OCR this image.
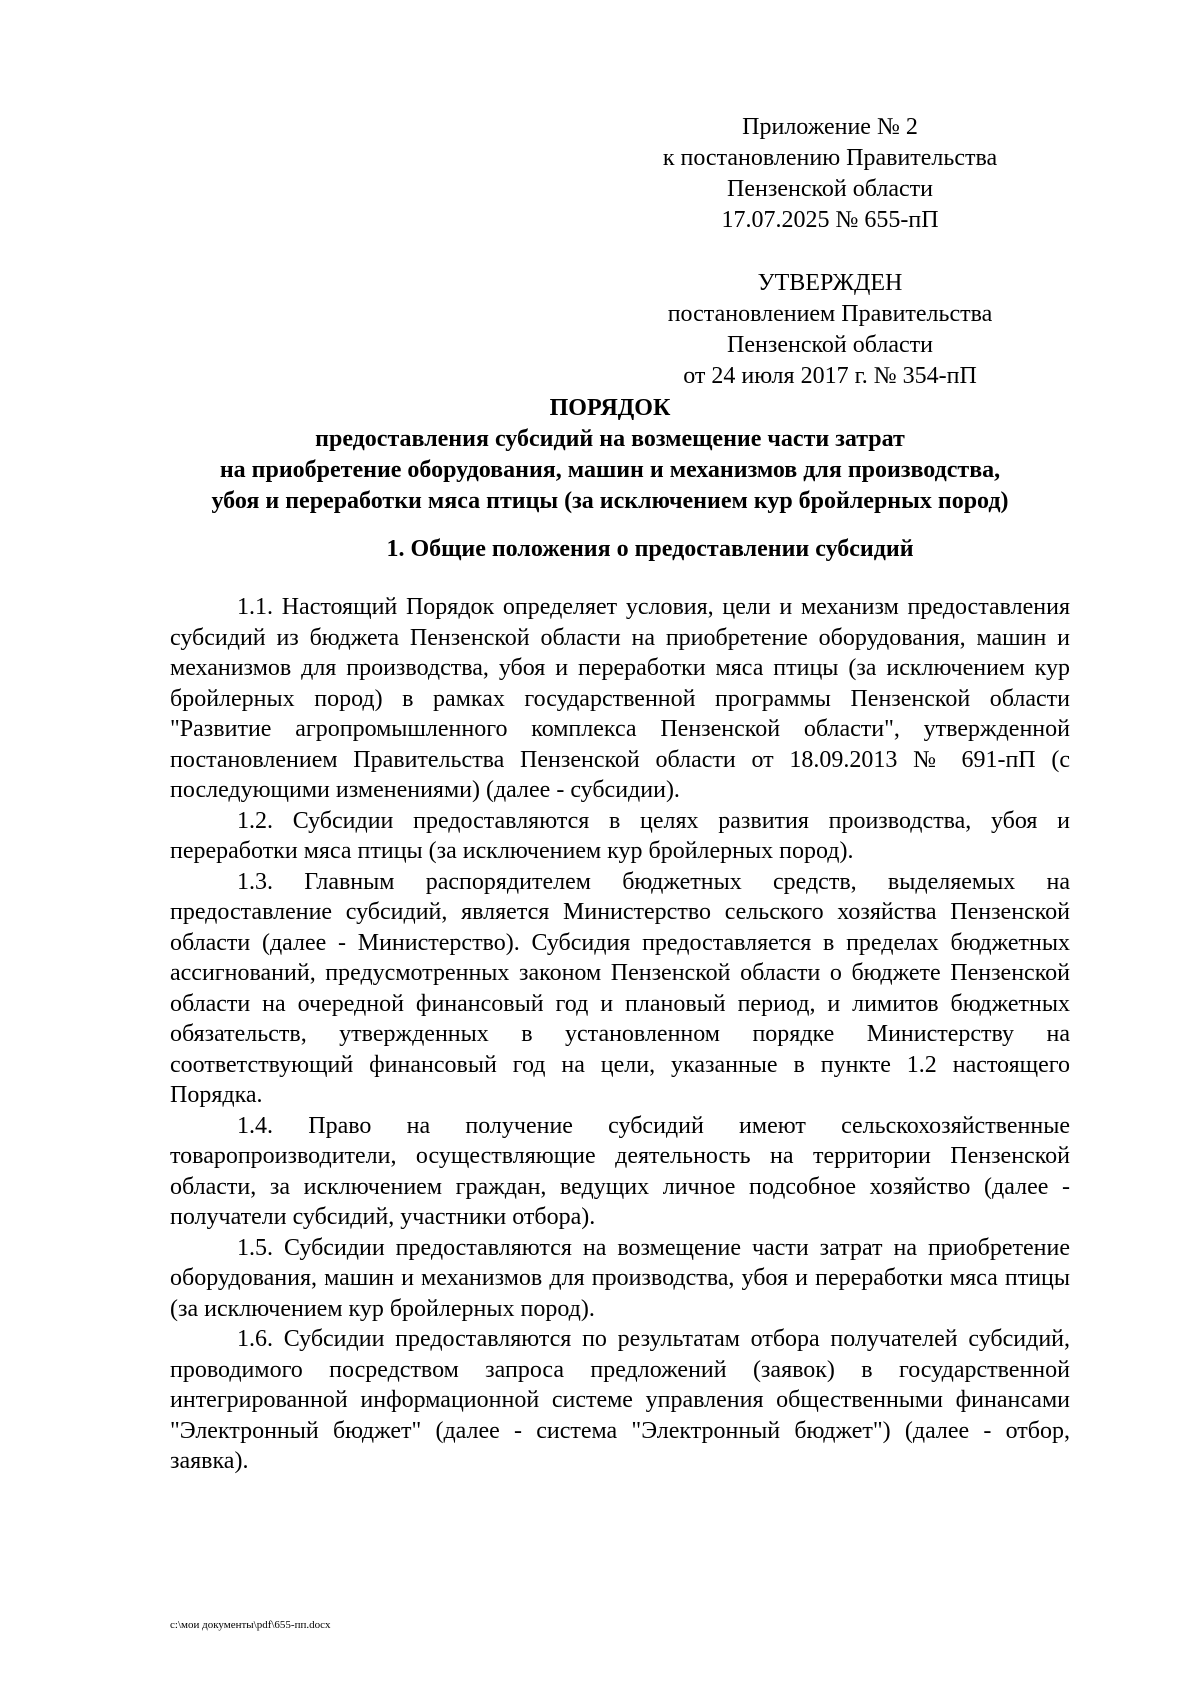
Приложение № 2
к постановлению Правительства
Пензенской области
17.07.2025 № 655-пП
УТВЕРЖДЕН
постановлением Правительства
Пензенской области
от 24 июля 2017 г. № 354-пП
ПОРЯДОК
предоставления субсидий на возмещение части затрат
на приобретение оборудования, машин и механизмов для производства,
убоя и переработки мяса птицы (за исключением кур бройлерных пород)
1. Общие положения о предоставлении субсидий

1.1. Настоящий Порядок определяет условия, цели и механизм предоставления субсидий из бюджета Пензенской области на приобретение оборудования, машин и механизмов для производства, убоя и переработки мяса птицы (за исключением кур бройлерных пород) в рамках государственной программы Пензенской области "Развитие агропромышленного комплекса Пензенской области", утвержденной постановлением Правительства Пензенской области от 18.09.2013 № 691-пП (с последующими изменениями) (далее - субсидии).

1.2. Субсидии предоставляются в целях развития производства, убоя и переработки мяса птицы (за исключением кур бройлерных пород).

1.3. Главным распорядителем бюджетных средств, выделяемых на предоставление субсидий, является Министерство сельского хозяйства Пензенской области (далее - Министерство). Субсидия предоставляется в пределах бюджетных ассигнований, предусмотренных законом Пензенской области о бюджете Пензенской области на очередной финансовый год и плановый период, и лимитов бюджетных обязательств, утвержденных в установленном порядке Министерству на соответствующий финансовый год на цели, указанные в пункте 1.2 настоящего Порядка.

1.4. Право на получение субсидий имеют сельскохозяйственные товаропроизводители, осуществляющие деятельность на территории Пензенской области, за исключением граждан, ведущих личное подсобное хозяйство (далее - получатели субсидий, участники отбора).

1.5. Субсидии предоставляются на возмещение части затрат на приобретение оборудования, машин и механизмов для производства, убоя и переработки мяса птицы (за исключением кур бройлерных пород).

1.6. Субсидии предоставляются по результатам отбора получателей субсидий, проводимого посредством запроса предложений (заявок) в государственной интегрированной информационной системе управления общественными финансами "Электронный бюджет" (далее - система "Электронный бюджет") (далее - отбор, заявка).

c:\мои документы\pdf\655-пп.docx
